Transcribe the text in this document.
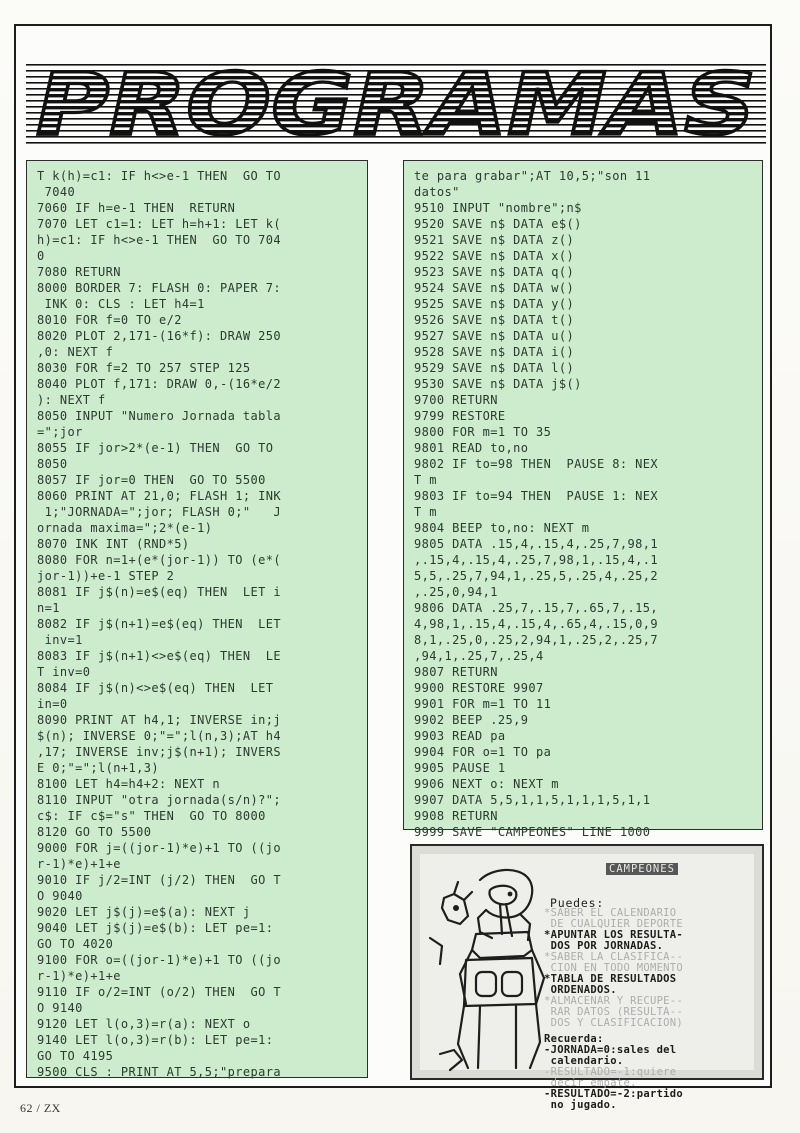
PROGRAMAS
T k(h)=c1: IF h<>e-1 THEN  GO TO
7040
7060 IF h=e-1 THEN  RETURN
7070 LET c1=1: LET h=h+1: LET k(
h)=c1: IF h<>e-1 THEN  GO TO 704
0
7080 RETURN
8000 BORDER 7: FLASH 0: PAPER 7:
INK 0: CLS : LET h4=1
8010 FOR f=0 TO e/2
8020 PLOT 2,171-(16*f): DRAW 250
,0: NEXT f
8030 FOR f=2 TO 257 STEP 125
8040 PLOT f,171: DRAW 0,-(16*e/2
): NEXT f
8050 INPUT "Numero Jornada tabla
=";jor
8055 IF jor>2*(e-1) THEN  GO TO
8050
8057 IF jor=0 THEN  GO TO 5500
8060 PRINT AT 21,0; FLASH 1; INK
1;"JORNADA=";jor; FLASH 0;"   J
ornada maxima=";2*(e-1)
8070 INK INT (RND*5)
8080 FOR n=1+(e*(jor-1)) TO (e*(
jor-1))+e-1 STEP 2
8081 IF j$(n)=e$(eq) THEN  LET i
n=1
8082 IF j$(n+1)=e$(eq) THEN  LET
inv=1
8083 IF j$(n+1)<>e$(eq) THEN  LE
T inv=0
8084 IF j$(n)<>e$(eq) THEN  LET
in=0
8090 PRINT AT h4,1; INVERSE in;j
$(n); INVERSE 0;"=";l(n,3);AT h4
,17; INVERSE inv;j$(n+1); INVERS
E 0;"=";l(n+1,3)
8100 LET h4=h4+2: NEXT n
8110 INPUT "otra jornada(s/n)?";
c$: IF c$="s" THEN  GO TO 8000
8120 GO TO 5500
9000 FOR j=((jor-1)*e)+1 TO ((jo
r-1)*e)+1+e
9010 IF j/2=INT (j/2) THEN  GO T
O 9040
9020 LET j$(j)=e$(a): NEXT j
9040 LET j$(j)=e$(b): LET pe=1:
GO TO 4020
9100 FOR o=((jor-1)*e)+1 TO ((jo
r-1)*e)+1+e
9110 IF o/2=INT (o/2) THEN  GO T
O 9140
9120 LET l(o,3)=r(a): NEXT o
9140 LET l(o,3)=r(b): LET pe=1:
GO TO 4195
9500 CLS : PRINT AT 5,5;"prepara
te para grabar";AT 10,5;"son 11
datos"
9510 INPUT "nombre";n$
9520 SAVE n$ DATA e$()
9521 SAVE n$ DATA z()
9522 SAVE n$ DATA x()
9523 SAVE n$ DATA q()
9524 SAVE n$ DATA w()
9525 SAVE n$ DATA y()
9526 SAVE n$ DATA t()
9527 SAVE n$ DATA u()
9528 SAVE n$ DATA i()
9529 SAVE n$ DATA l()
9530 SAVE n$ DATA j$()
9700 RETURN
9799 RESTORE
9800 FOR m=1 TO 35
9801 READ to,no
9802 IF to=98 THEN  PAUSE 8: NEX
T m
9803 IF to=94 THEN  PAUSE 1: NEX
T m
9804 BEEP to,no: NEXT m
9805 DATA .15,4,.15,4,.25,7,98,1
,.15,4,.15,4,.25,7,98,1,.15,4,.1
5,5,.25,7,94,1,.25,5,.25,4,.25,2
,.25,0,94,1
9806 DATA .25,7,.15,7,.65,7,.15,
4,98,1,.15,4,.15,4,.65,4,.15,0,9
8,1,.25,0,.25,2,94,1,.25,2,.25,7
,94,1,.25,7,.25,4
9807 RETURN
9900 RESTORE 9907
9901 FOR m=1 TO 11
9902 BEEP .25,9
9903 READ pa
9904 FOR o=1 TO pa
9905 PAUSE 1
9906 NEXT o: NEXT m
9907 DATA 5,5,1,1,5,1,1,1,5,1,1
9908 RETURN
9999 SAVE "CAMPEONES" LINE 1000
CAMPEONES
Puedes:
*SABER EL CALENDARIO
DE CUALQUIER DEPORTE
*APUNTAR LOS RESULTA-
DOS POR JORNADAS.
*SABER LA CLASIFICA--
CION EN TODO MOMENTO
*TABLA DE RESULTADOS
ORDENADOS.
*ALMACENAR Y RECUPE--
RAR DATOS (RESULTA--
DOS Y CLASIFICACION)
Recuerda:
-JORNADA=0:sales del
calendario.
-RESULTADO=-1:quiere
decir empate.
-RESULTADO=-2:partido
no jugado.
62 / ZX
